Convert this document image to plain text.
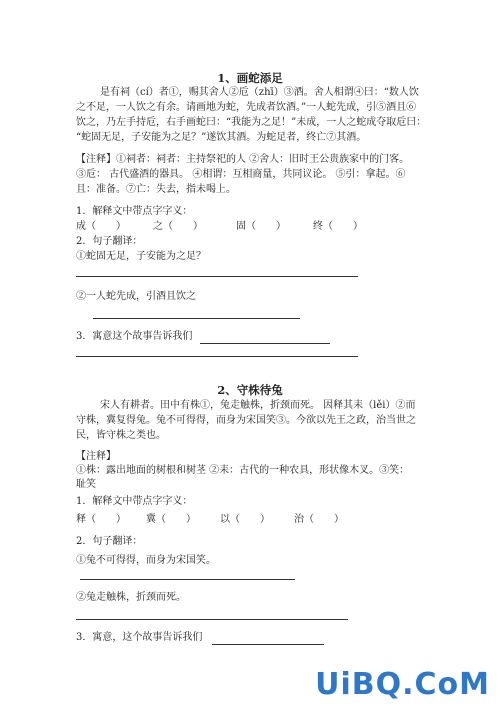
1、画蛇添足
是有祠（cí）者①，赐其舍人②卮（zhī）③酒。舍人相谓④曰：“数人饮
之不足，一人饮之有余。请画地为蛇，先成者饮酒。”一人蛇先成，引⑤酒且⑥
饮之，乃左手持卮，右手画蛇曰：“我能为之足！”未成，一人之蛇成夺取卮曰：
“蛇固无足，子安能为之足？”遂饮其酒。为蛇足者，终亡⑦其酒。
【注释】①祠者：祠者：主持祭祀的人 ②舍人：旧时王公贵族家中的门客。
③卮： 古代盛酒的器具。 ④相谓：互相商量，共同议论。 ⑤引：拿起。⑥
且：准备。⑦亡：失去，指未喝上。
1．解释文中带点字字义：
成（　　）	之（　　）	固（　　）	终（　　）
2．句子翻译：
①蛇固无足，子安能为之足？
②一人蛇先成，引酒且饮之
3．寓意这个故事告诉我们
2、守株待兔
宋人有耕者。田中有株①，兔走触株，折颈而死。 因释其耒（lěi）②而
守株，冀复得兔。兔不可得得，而身为宋国笑③。今欲以先王之政，治当世之
民，皆守株之类也。
【注释】
①株：露出地面的树根和树茎 ②耒：古代的一种农具，形状像木叉。③笑：
耻笑
1．解释文中带点字字义：
释（　　） 冀（　　） 以（　　） 治（　　）
2．句子翻译：
①兔不可得得，而身为宋国笑。
②兔走触株，折颈而死。
3．寓意，这个故事告诉我们
UiBQ.CoM
